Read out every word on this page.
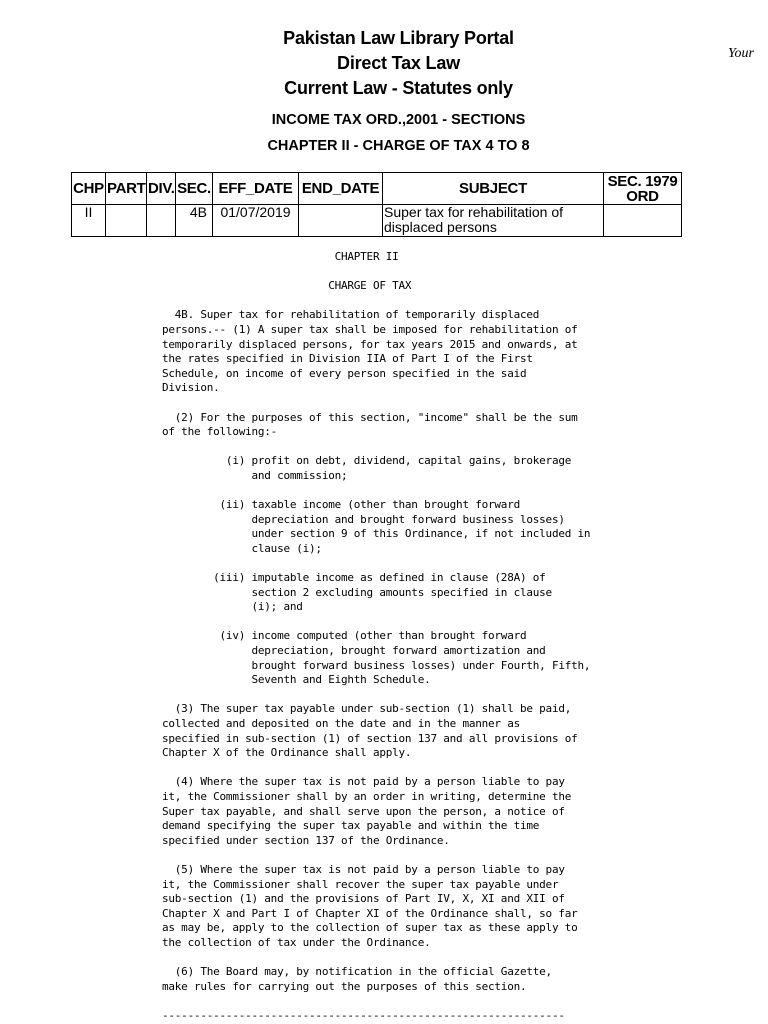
Pakistan Law Library Portal
Direct Tax Law
Current Law - Statutes only
INCOME TAX ORD.,2001 - SECTIONS
CHAPTER II - CHARGE OF TAX 4 TO 8
Your
CHP	PART	DIV.	SEC.	EFF_DATE	END_DATE	SUBJECT	SEC. 1979
ORD
II			4B	01/07/2019		Super tax for rehabilitation of displaced persons	
CHAPTER II

CHARGE OF TAX

4B. Super tax for rehabilitation of temporarily displaced
persons.-- (1) A super tax shall be imposed for rehabilitation of
temporarily displaced persons, for tax years 2015 and onwards, at
the rates specified in Division IIA of Part I of the First
Schedule, on income of every person specified in the said
Division.

(2) For the purposes of this section, "income" shall be the sum
of the following:-

(i) profit on debt, dividend, capital gains, brokerage
and commission;

(ii) taxable income (other than brought forward
depreciation and brought forward business losses)
under section 9 of this Ordinance, if not included in
clause (i);

(iii) imputable income as defined in clause (28A) of
section 2 excluding amounts specified in clause
(i); and

(iv) income computed (other than brought forward
depreciation, brought forward amortization and
brought forward business losses) under Fourth, Fifth,
Seventh and Eighth Schedule.

(3) The super tax payable under sub-section (1) shall be paid,
collected and deposited on the date and in the manner as
specified in sub-section (1) of section 137 and all provisions of
Chapter X of the Ordinance shall apply.

(4) Where the super tax is not paid by a person liable to pay
it, the Commissioner shall by an order in writing, determine the
Super tax payable, and shall serve upon the person, a notice of
demand specifying the super tax payable and within the time
specified under section 137 of the Ordinance.

(5) Where the super tax is not paid by a person liable to pay
it, the Commissioner shall recover the super tax payable under
sub-section (1) and the provisions of Part IV, X, XI and XII of
Chapter X and Part I of Chapter XI of the Ordinance shall, so far
as may be, apply to the collection of super tax as these apply to
the collection of tax under the Ordinance.

(6) The Board may, by notification in the official Gazette,
make rules for carrying out the purposes of this section.

---------------------------------------------------------------
